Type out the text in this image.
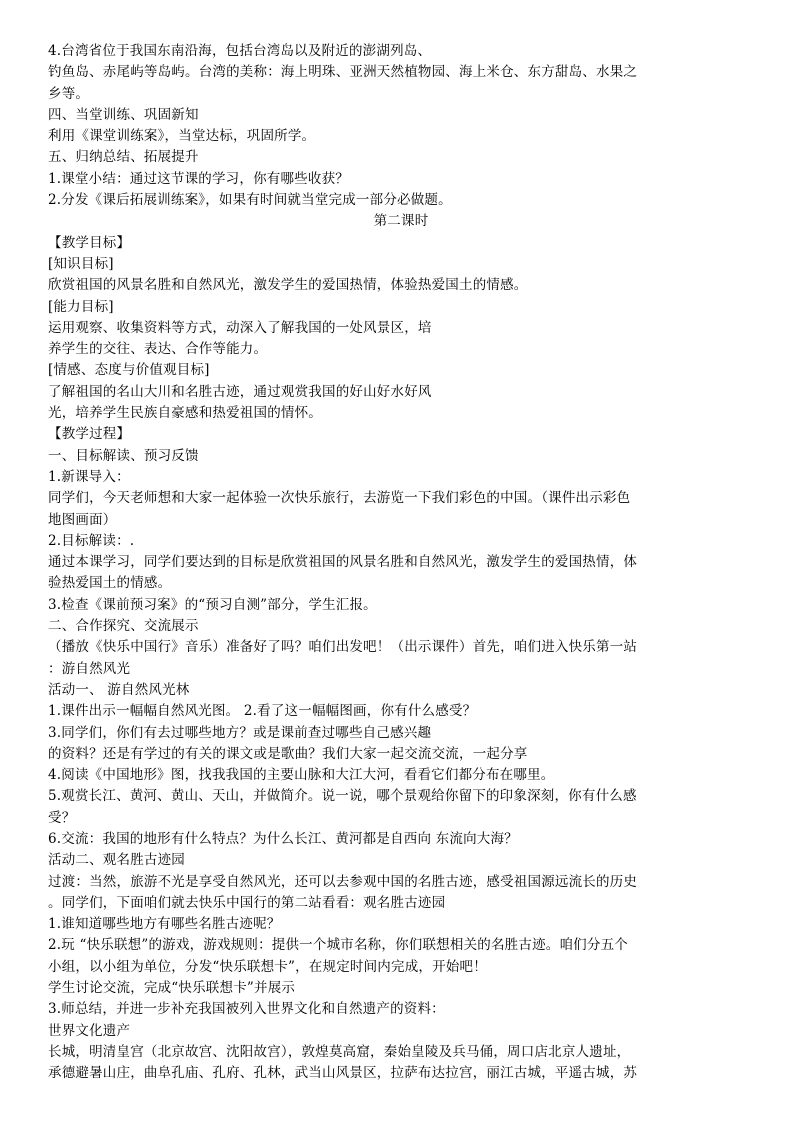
4.台湾省位于我国东南沿海，包括台湾岛以及附近的澎湖列岛、
钓鱼岛、赤尾屿等岛屿。台湾的美称：海上明珠、亚洲天然植物园、海上米仓、东方甜岛、水果之
乡等。
四、当堂训练、巩固新知
利用《课堂训练案》，当堂达标，巩固所学。
五、归纳总结、拓展提升
1.课堂小结：通过这节课的学习，你有哪些收获？
2.分发《课后拓展训练案》，如果有时间就当堂完成一部分必做题。
第二课时
【教学目标】
[知识目标]
欣赏祖国的风景名胜和自然风光，激发学生的爱国热情，体验热爱国土的情感。
[能力目标]
运用观察、收集资料等方式，动深入了解我国的一处风景区，培
养学生的交往、表达、合作等能力。
[情感、态度与价值观目标]
了解祖国的名山大川和名胜古迹，通过观赏我国的好山好水好风
光，培养学生民族自豪感和热爱祖国的情怀。
【教学过程】
一、目标解读、预习反馈
1.新课导入：
同学们，今天老师想和大家一起体验一次快乐旅行，去游览一下我们彩色的中国。（课件出示彩色
地图画面）
2.目标解读：.
通过本课学习，同学们要达到的目标是欣赏祖国的风景名胜和自然风光，激发学生的爱国热情，体
验热爱国土的情感。
3.检查《课前预习案》的“预习自测”部分，学生汇报。
二、合作探究、交流展示
（播放《快乐中国行》音乐）准备好了吗？咱们出发吧！（出示课件）首先，咱们进入快乐第一站
：游自然风光
活动一、 游自然风光林
1.课件出示一幅幅自然风光图。 2.看了这一幅幅图画，你有什么感受？
3.同学们，你们有去过哪些地方？或是课前查过哪些自己感兴趣
的资料？还是有学过的有关的课文或是歌曲？我们大家一起交流交流，一起分享
4.阅读《中国地形》图，找我我国的主要山脉和大江大河，看看它们都分布在哪里。
5.观赏长江、黄河、黄山、天山，并做简介。说一说，哪个景观给你留下的印象深刻，你有什么感
受？
6.交流：我国的地形有什么特点？为什么长江、黄河都是自西向 东流向大海？
活动二、观名胜古迹园
过渡：当然，旅游不光是享受自然风光，还可以去参观中国的名胜古迹，感受祖国源远流长的历史
。同学们，下面咱们就去快乐中国行的第二站看看：观名胜古迹园
1.谁知道哪些地方有哪些名胜古迹呢？
2.玩 “快乐联想”的游戏，游戏规则：提供一个城市名称，你们联想相关的名胜古迹。咱们分五个
小组，以小组为单位，分发“快乐联想卡”，在规定时间内完成，开始吧！
学生讨论交流，完成“快乐联想卡”并展示
3.师总结，并进一步补充我国被列入世界文化和自然遗产的资料：
世界文化遗产
长城，明清皇宫（北京故宫、沈阳故宫），敦煌莫高窟，秦始皇陵及兵马俑，周口店北京人遗址，
承德避暑山庄，曲阜孔庙、孔府、孔林，武当山风景区，拉萨布达拉宫，丽江古城，平遥古城，苏
